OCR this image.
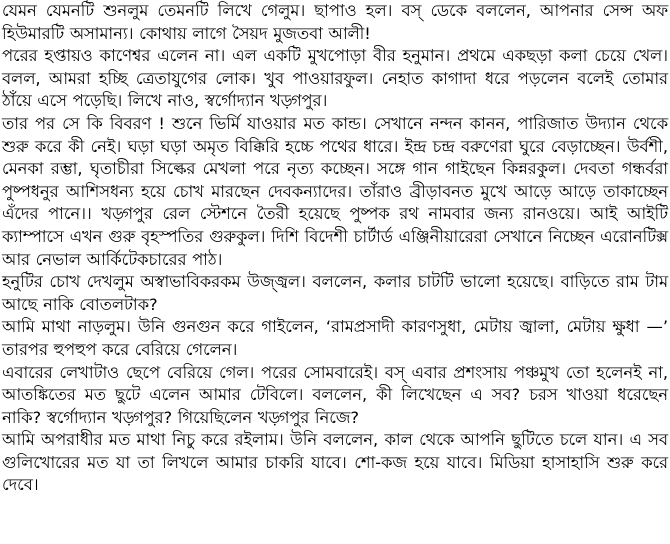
যেমন যেমনটি শুনলুম তেমনটি লিখে গেলুম। ছাপাও হল। বস্‌ ডেকে বললেন, আপনার সেন্স অফ হিউমারটি অসামান্য। কোথায় লাগে সৈয়দ মুজতবা আলী!

পরের হপ্তায়ও কাণেশ্বর এলেন না। এল একটি মুখপোড়া বীর হনুমান। প্রথমে একছড়া কলা চেয়ে খেল। বলল, আমরা হচ্ছি ত্রেতাযুগের লোক। খুব পাওয়ারফুল। নেহাত কাগাদা ধরে পড়লেন বলেই তোমার ঠাঁয়ে এসে পড়েছি। লিখে নাও, স্বর্গোদ্যান খড়্গপুর।

তার পর সে কি বিবরণ ! শুনে ভির্মি যাওয়ার মত কান্ড। সেখানে নন্দন কানন, পারিজাত উদ্যান থেকে শুরু করে কী নেই। ঘড়া ঘড়া অমৃত বিক্কিরি হচ্চে পথের ধারে। ইন্দ্র চন্দ্র বরুণেরা ঘুরে বেড়াচ্ছেন। উর্বশী, মেনকা রম্ভা, ঘৃতাচীরা সিল্কের মেখলা পরে নৃত্য কচ্ছেন। সঙ্গে গান গাইছেন কিন্নরকুল। দেবতা গন্ধর্বরা পুষ্পধনুর আশিসধন্য হয়ে চোখ মারছেন দেবকন্যাদের। তাঁরাও ব্রীড়াবনত মুখে আড়ে আড়ে তাকাচ্ছেন এঁদের পানে।। খড়্গপুর রেল স্টেশনে তৈরী হয়েছে পুষ্পক রথ নামবার জন্য রানওয়ে। আই আইটি ক্যাম্পাসে এখন গুরু বৃহস্পতির গুরুকুল। দিশি বিদেশী চার্টার্ড এঞ্জিনীয়ারেরা সেখানে নিচ্ছেন এরোনটিক্স আর নেভাল আর্কিটেকচারের পাঠ।

হনুটির চোখ দেখলুম অস্বাভাবিকরকম উজ্জ্বল। বললেন, কলার চাটটি ভালো হয়েছে। বাড়িতে রাম টাম আছে নাকি বোতলটাক?

আমি মাথা নাড়লুম। উনি গুনগুন করে গাইলেন, ‘রামপ্রসাদী কারণসুধা, মেটায় জ্বালা, মেটায় ক্ষুধা —’ তারপর হুপহুপ করে বেরিয়ে গেলেন।

এবারের লেখাটাও ছেপে বেরিয়ে গেল। পরের সোমবারেই। বস্‌ এবার প্রশংসায় পঞ্চমুখ তো হলেনই না, আতঙ্কিতের মত ছুটে এলেন আমার টেবিলে। বললেন, কী লিখেছেন এ সব? চরস খাওয়া ধরেছেন নাকি? স্বর্গোদ্যান খড়্গপুর? গিয়েছিলেন খড়্গপুর নিজে?

আমি অপরাধীর মত মাথা নিচু করে রইলাম। উনি বললেন, কাল থেকে আপনি ছুটিতে চলে যান। এ সব গুলিখোরের মত যা তা লিখলে আমার চাকরি যাবে। শো-কজ হয়ে যাবে। মিডিয়া হাসাহাসি শুরু করে দেবে।
